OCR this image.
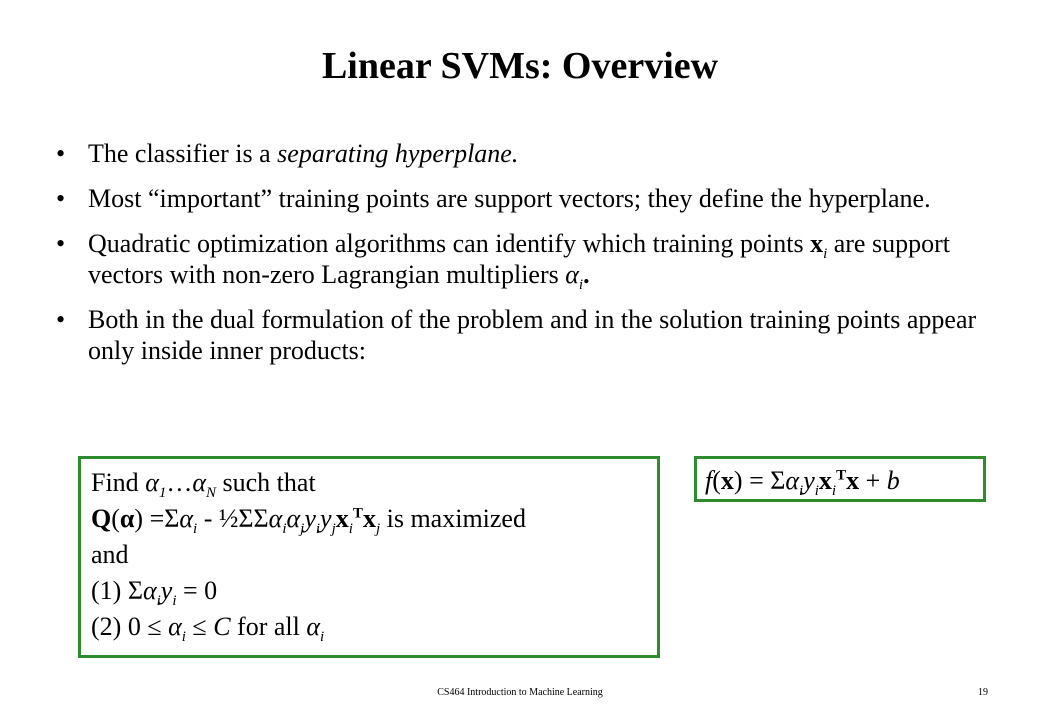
Linear SVMs: Overview
• The classifier is a separating hyperplane.
• Most “important” training points are support vectors; they define the hyperplane.
• Quadratic optimization algorithms can identify which training points $x_i$ are support vectors with non-zero Lagrangian multipliers $\alpha_i$.
• Both in the dual formulation of the problem and in the solution training points appear only inside inner products:
Find $\alpha_1\dots\alpha_N$ such that
$Q(\alpha) =\Sigma\alpha_i$ - $\frac{1}{2}\Sigma\Sigma\alpha_i\alpha_jy_iy_jx_i^Tx_j$ is maximized
and
(1) $\Sigma\alpha_iy_i = 0$
(2) $0 \le \alpha_i \le C$ for all $\alpha_i$
$f(x) = \Sigma\alpha_iy_ix_i^Tx + b$
CS464 Introduction to Machine Learning	19
